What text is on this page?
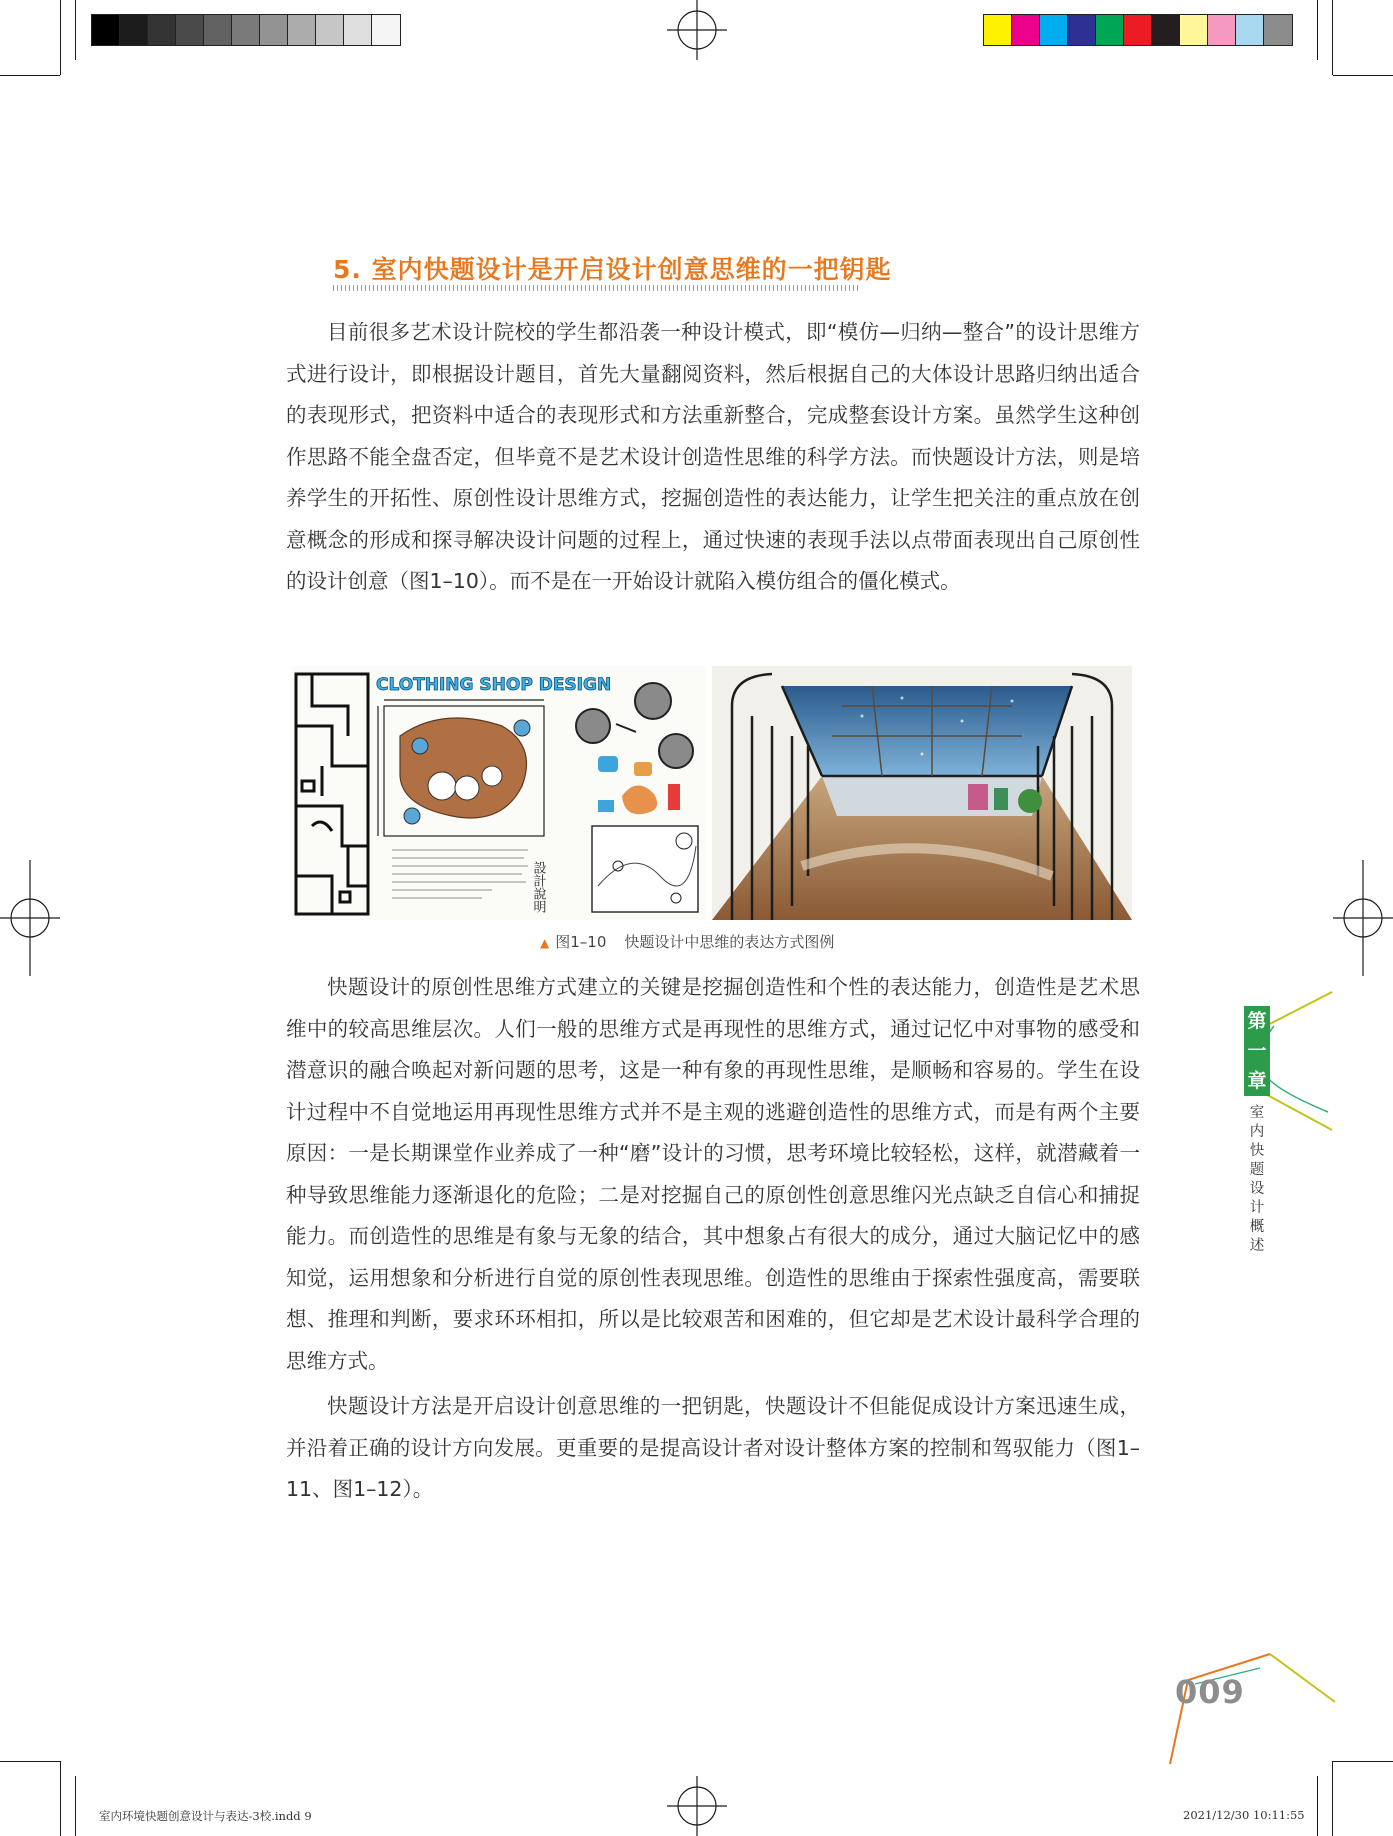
5. 室内快题设计是开启设计创意思维的一把钥匙

目前很多艺术设计院校的学生都沿袭一种设计模式，即“模仿—归纳—整合”的设计思维方式进行设计，即根据设计题目，首先大量翻阅资料，然后根据自己的大体设计思路归纳出适合的表现形式，把资料中适合的表现形式和方法重新整合，完成整套设计方案。虽然学生这种创作思路不能全盘否定，但毕竟不是艺术设计创造性思维的科学方法。而快题设计方法，则是培养学生的开拓性、原创性设计思维方式，挖掘创造性的表达能力，让学生把关注的重点放在创意概念的形成和探寻解决设计问题的过程上，通过快速的表现手法以点带面表现出自己原创性的设计创意（图1–10）。而不是在一开始设计就陷入模仿组合的僵化模式。

CLOTHING SHOP DESIGN
設計說明
▲ 图1–10 快题设计中思维的表达方式图例

快题设计的原创性思维方式建立的关键是挖掘创造性和个性的表达能力，创造性是艺术思维中的较高思维层次。人们一般的思维方式是再现性的思维方式，通过记忆中对事物的感受和潜意识的融合唤起对新问题的思考，这是一种有象的再现性思维，是顺畅和容易的。学生在设计过程中不自觉地运用再现性思维方式并不是主观的逃避创造性的思维方式，而是有两个主要原因：一是长期课堂作业养成了一种“磨”设计的习惯，思考环境比较轻松，这样，就潜藏着一种导致思维能力逐渐退化的危险；二是对挖掘自己的原创性创意思维闪光点缺乏自信心和捕捉能力。而创造性的思维是有象与无象的结合，其中想象占有很大的成分，通过大脑记忆中的感知觉，运用想象和分析进行自觉的原创性表现思维。创造性的思维由于探索性强度高，需要联想、推理和判断，要求环环相扣，所以是比较艰苦和困难的，但它却是艺术设计最科学合理的思维方式。

快题设计方法是开启设计创意思维的一把钥匙，快题设计不但能促成设计方案迅速生成，并沿着正确的设计方向发展。更重要的是提高设计者对设计整体方案的控制和驾驭能力（图1–11、图1–12）。

第
一
章
室
内
快
题
设
计
概
述
009
室内环境快题创意设计与表达-3校.indd 9	2021/12/30 10:11:55
